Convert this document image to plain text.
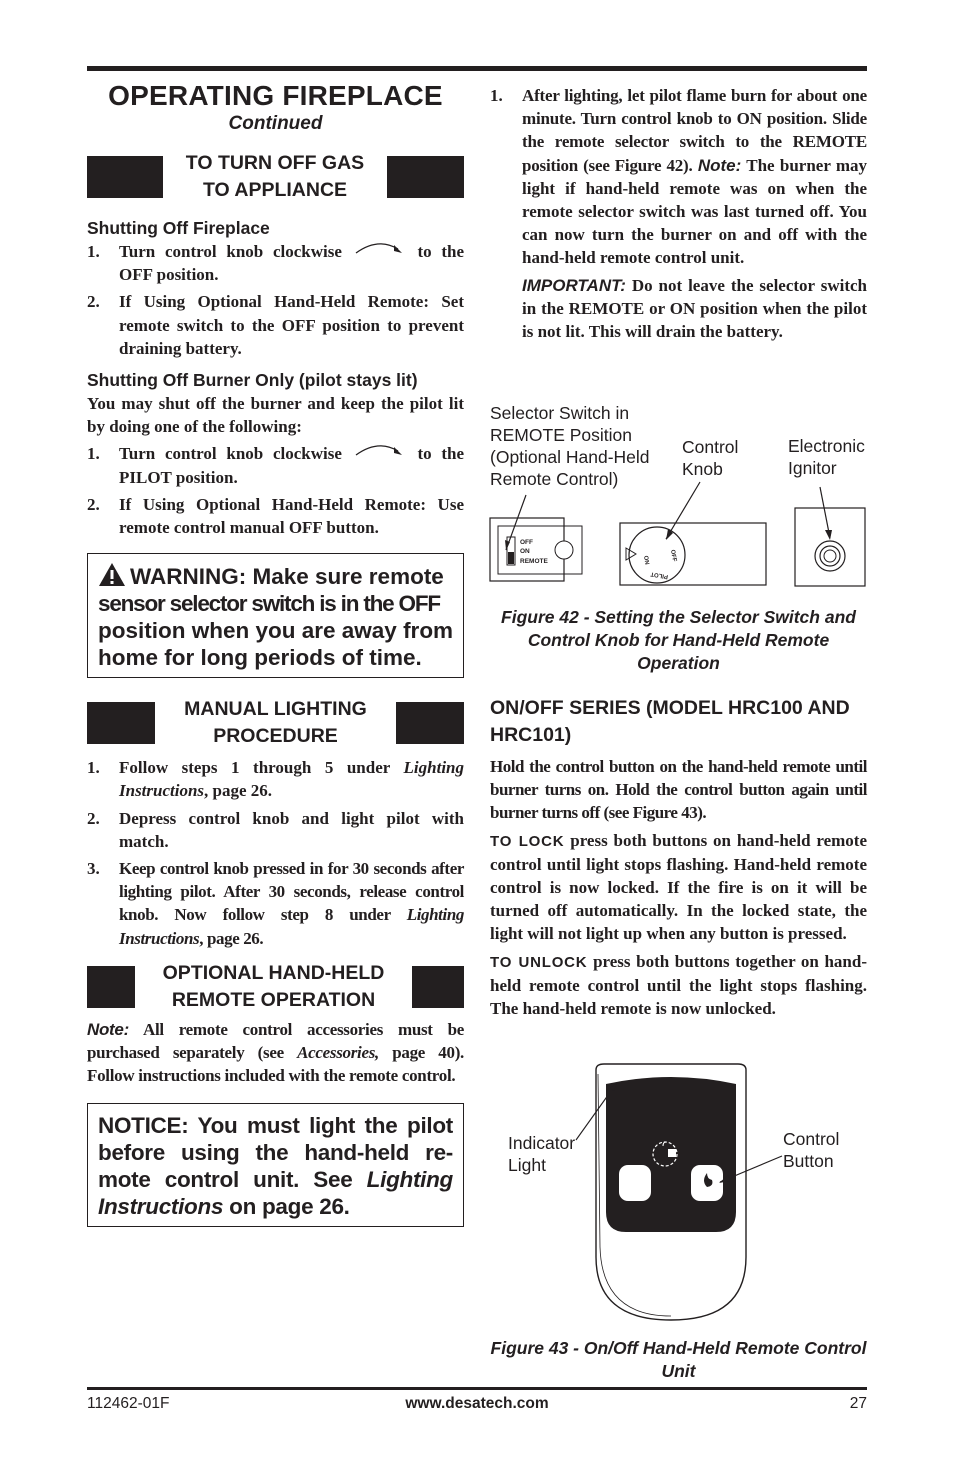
OPERATING FIREPLACE

Continued

TO TURN OFF GAS
TO APPLIANCE

Shutting Off Fireplace

1.	Turn control knob clockwise	to the OFF position.
2.	If Using Optional Hand-Held Remote: Set remote switch to the OFF position to prevent draining battery.

Shutting Off Burner Only (pilot stays lit)

You may shut off the burner and keep the pilot lit by doing one of the following:

1.	Turn control knob clockwise	to the PILOT position.
2.	If Using Optional Hand-Held Remote: Use remote control manual OFF button.
WARNING: Make sure remote
sensor selector switch is in the OFF
position when you are away from
home for long periods of time.
MANUAL LIGHTING
PROCEDURE
1.	Follow steps 1 through 5 under Lighting Instructions, page 26.
2.	Depress control knob and light pilot with match.
3.	Keep control knob pressed in for 30 seconds after lighting pilot. After 30 seconds, release control knob. Now follow step 8 under Lighting Instructions, page 26.
OPTIONAL HAND-HELD
REMOTE OPERATION

Note: All remote control accessories must be purchased separately (see Accessories, page 40). Follow instructions included with the remote control.

NOTICE: You must light the pilot before using the hand-held re-mote control unit. See Lighting Instructions on page 26.
1.	After lighting, let pilot flame burn for about one minute. Turn control knob to ON position. Slide the remote selector switch to the REMOTE position (see Figure 42). Note: The burner may light if hand-held remote was on when the remote selector switch was last turned off. You can now turn the burner on and off with the hand-held remote control unit.
IMPORTANT: Do not leave the selector switch in the REMOTE or ON position when the pilot is not lit. This will drain the battery.
Selector Switch in REMOTE Position (Optional Hand-Held Remote Control)
Control Knob
Electronic Ignitor
OFF
ON
REMOTE	ON	OFF
PILOT

Figure 42 - Setting the Selector Switch and Control Knob for Hand-Held Remote Operation

ON/OFF SERIES (MODEL HRC100 AND HRC101)

Hold the control button on the hand-held remote until burner turns on. Hold the control button again until burner turns off (see Figure 43).

TO LOCK press both buttons on hand-held remote control until light stops flashing. Hand-held remote control is now locked. If the fire is on it will be turned off automatically. In the locked state, the light will not light up when any button is pressed.

TO UNLOCK press both buttons together on hand-held remote control until the light stops flashing. The hand-held remote is now unlocked.

Indicator Light
Control Button

Figure 43 - On/Off Hand-Held Remote Control Unit

112462-01F	www.desatech.com	27
